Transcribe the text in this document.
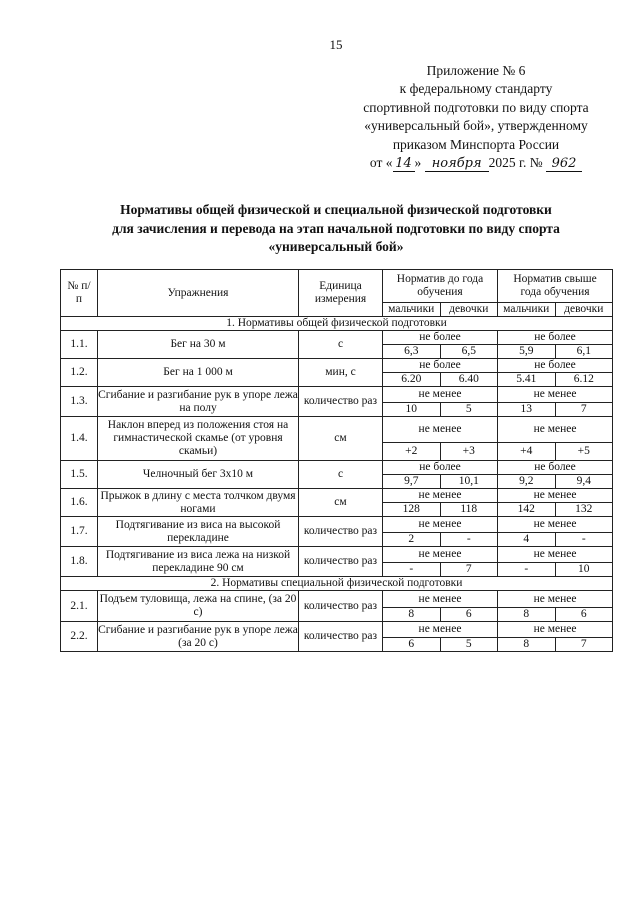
15
Приложение № 6
к федеральному стандарту
спортивной подготовки по виду спорта
«универсальный бой», утвержденному
приказом Минспорта России
от « 14 » ноября 2025 г. № 962
Нормативы общей физической и специальной физической подготовки
для зачисления и перевода на этап начальной подготовки по виду спорта
«универсальный бой»
№ п/п	Упражнения	Единица измерения	Норматив до года обучения		Норматив свыше года обучения	
			мальчики	девочки	мальчики	девочки
1. Нормативы общей физической подготовки						
1.1.	Бег на 30 м	с	не более		не более	
			6,3	6,5	5,9	6,1
1.2.	Бег на 1 000 м	мин, с	не более		не более	
			6.20	6.40	5.41	6.12
1.3.	Сгибание и разгибание рук в упоре лежа на полу	количество раз	не менее		не менее	
			10	5	13	7
1.4.	Наклон вперед из положения стоя на гимнастической скамье (от уровня скамьи)	см	не менее		не менее	
			+2	+3	+4	+5
1.5.	Челночный бег 3х10 м	с	не более		не более	
			9,7	10,1	9,2	9,4
1.6.	Прыжок в длину с места толчком двумя ногами	см	не менее		не менее	
			128	118	142	132
1.7.	Подтягивание из виса на высокой перекладине	количество раз	не менее		не менее	
			2	-	4	-
1.8.	Подтягивание из виса лежа на низкой перекладине 90 см	количество раз	не менее		не менее	
			-	7	-	10
2. Нормативы специальной физической подготовки						
2.1.	Подъем туловища, лежа на спине, (за 20 с)	количество раз	не менее		не менее	
			8	6	8	6
2.2.	Сгибание и разгибание рук в упоре лежа (за 20 с)	количество раз	не менее		не менее	
			6	5	8	7
